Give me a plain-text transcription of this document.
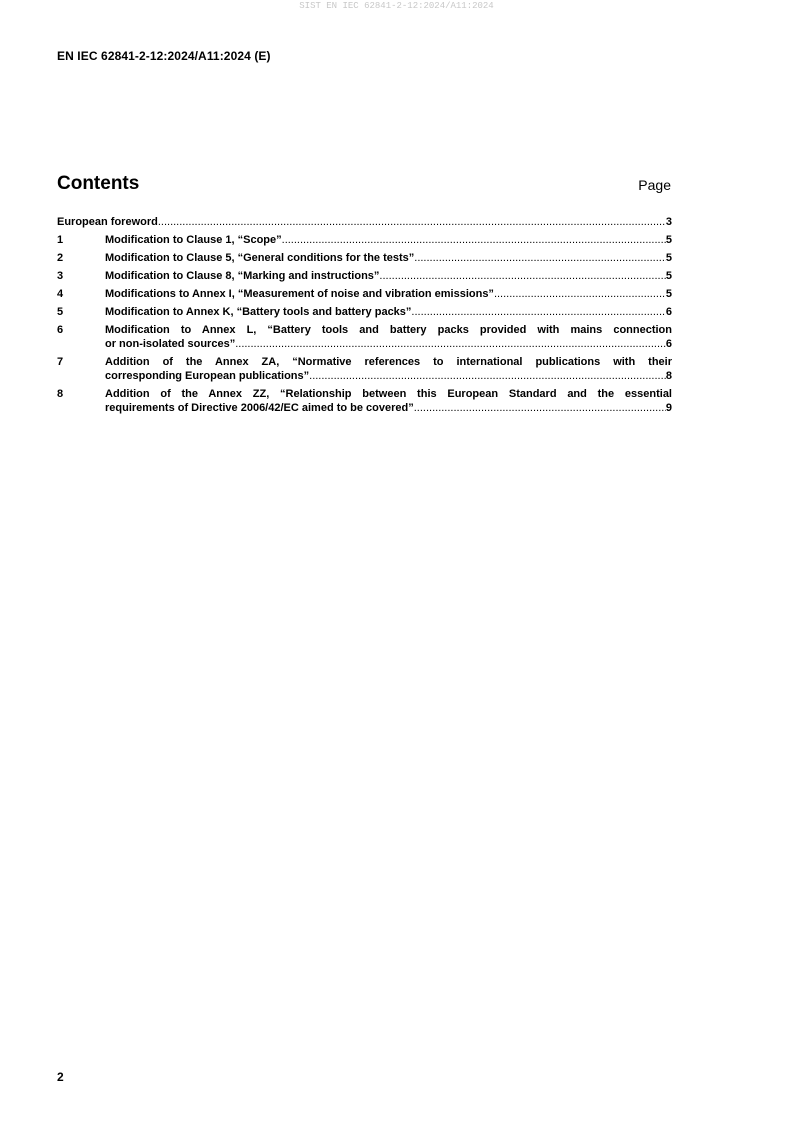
SIST EN IEC 62841-2-12:2024/A11:2024
EN IEC 62841-2-12:2024/A11:2024 (E)
Contents	Page
European foreword .....	3
1	Modification to Clause 1, “Scope” .....	5
2	Modification to Clause 5, “General conditions for the tests” .....	5
3	Modification to Clause 8, “Marking and instructions” .....	5
4	Modifications to Annex I, “Measurement of noise and vibration emissions” .....	5
5	Modification to Annex K, “Battery tools and battery packs” .....	6
6	Modification to Annex L, “Battery tools and battery packs provided with mains connection
or non-isolated sources” .....	6
7	Addition of the Annex ZA, “Normative references to international publications with their
corresponding European publications” .....	8
8	Addition of the Annex ZZ, “Relationship between this European Standard and the essential
requirements of Directive 2006/42/EC aimed to be covered” .....	9
2
